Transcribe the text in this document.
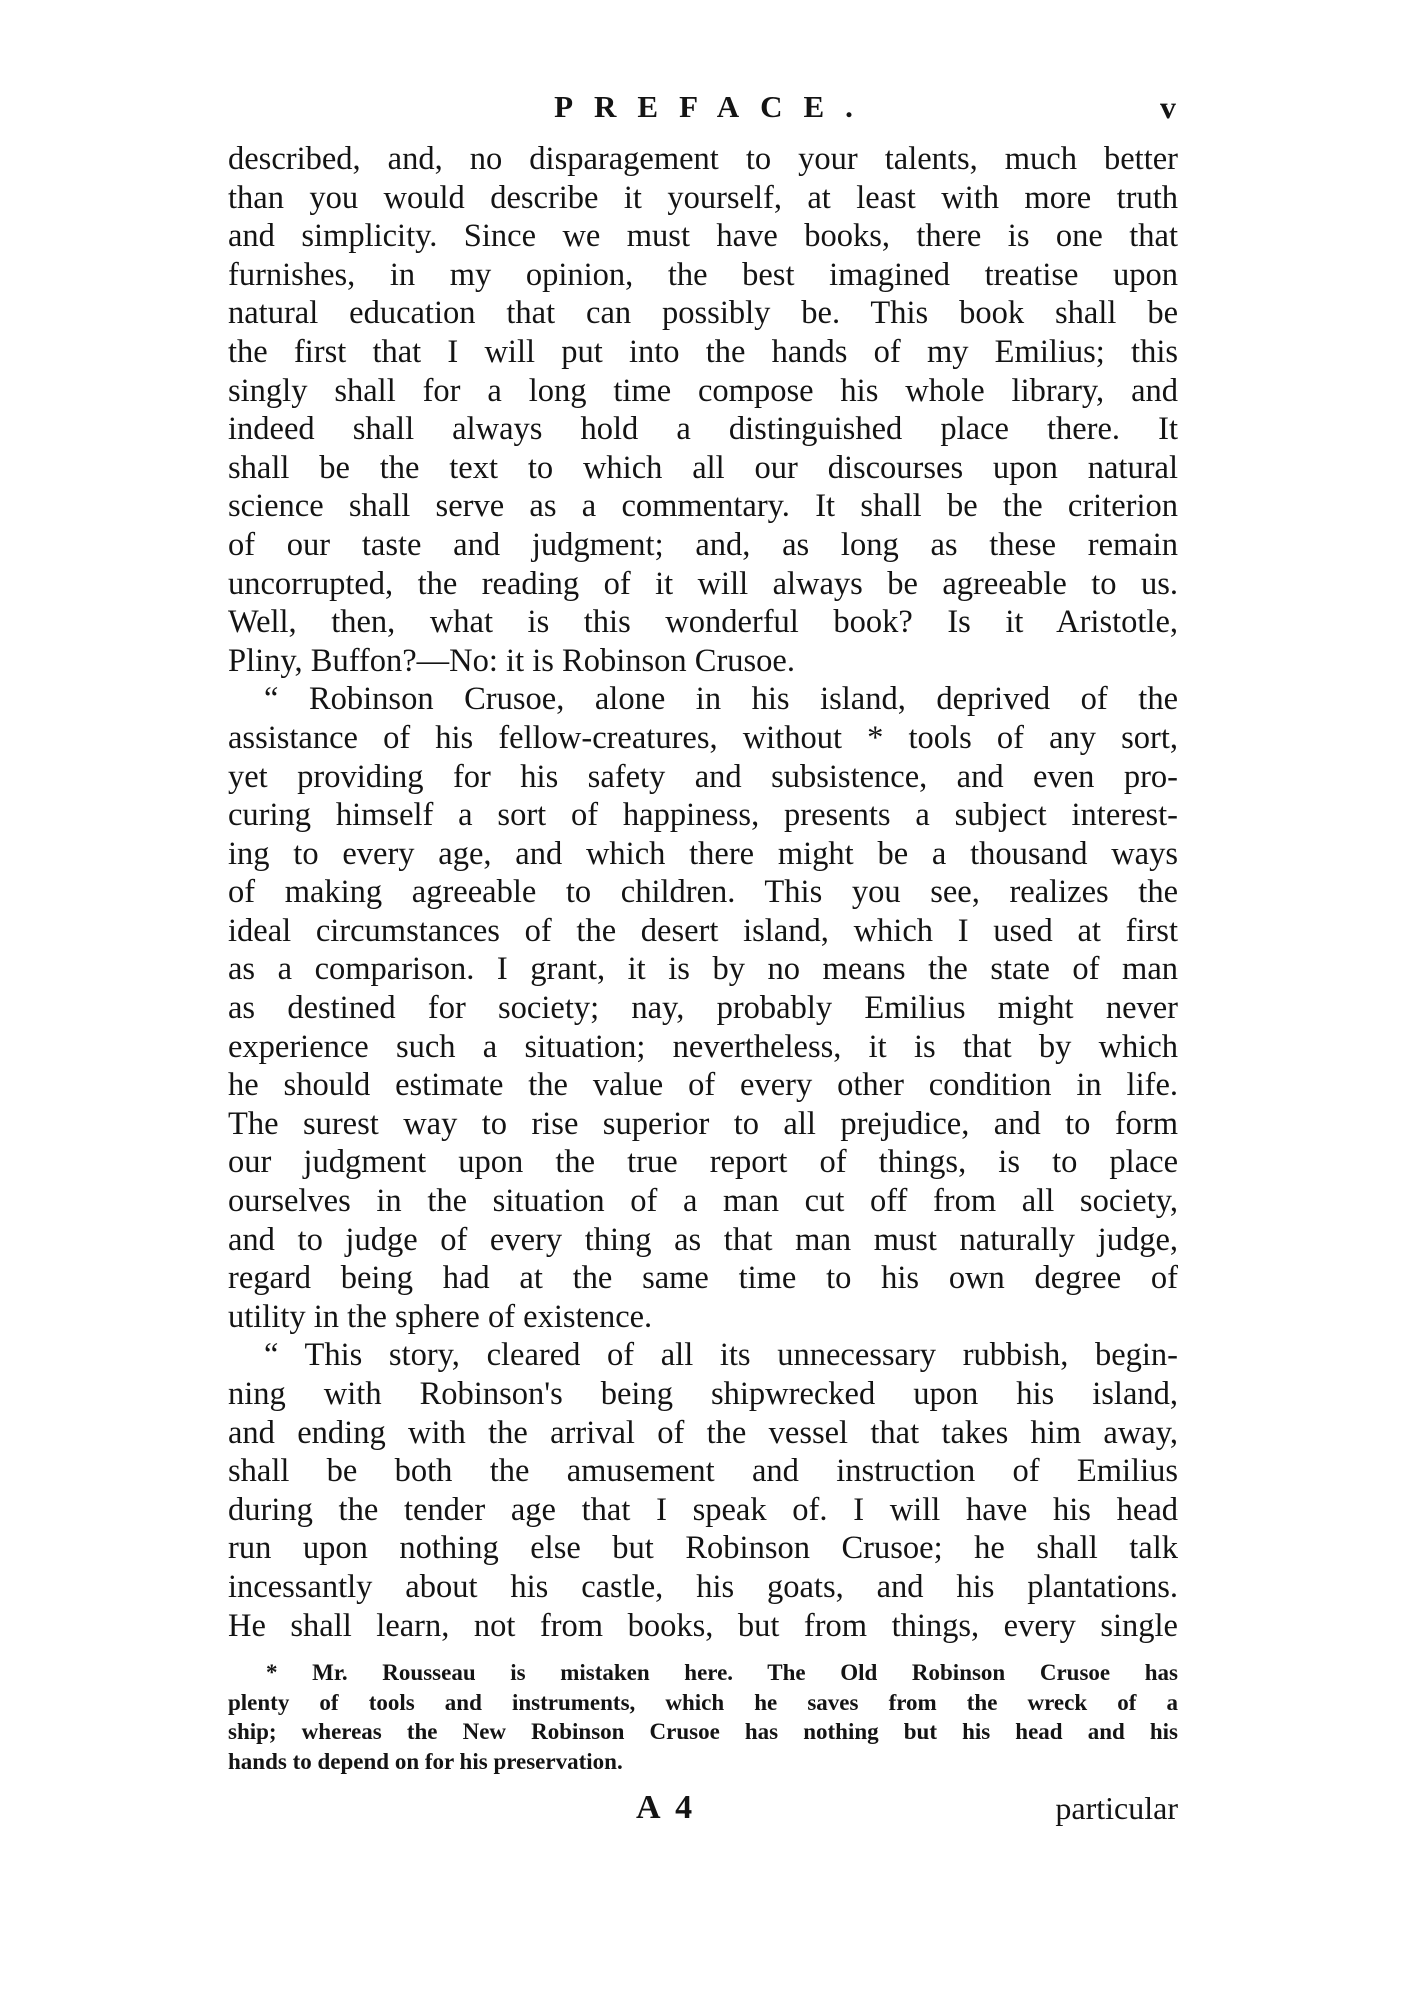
PREFACE.	v
described, and, no disparagement to your talents, much better
than you would describe it yourself, at least with more truth
and simplicity. Since we must have books, there is one that
furnishes, in my opinion, the best imagined treatise upon
natural education that can possibly be. This book shall be
the first that I will put into the hands of my Emilius; this
singly shall for a long time compose his whole library, and
indeed shall always hold a distinguished place there. It
shall be the text to which all our discourses upon natural
science shall serve as a commentary. It shall be the criterion
of our taste and judgment; and, as long as these remain
uncorrupted, the reading of it will always be agreeable to us.
Well, then, what is this wonderful book? Is it Aristotle,
Pliny, Buffon?—No: it is Robinson Crusoe.
“ Robinson Crusoe, alone in his island, deprived of the
assistance of his fellow-creatures, without * tools of any sort,
yet providing for his safety and subsistence, and even pro-
curing himself a sort of happiness, presents a subject interest-
ing to every age, and which there might be a thousand ways
of making agreeable to children. This you see, realizes the
ideal circumstances of the desert island, which I used at first
as a comparison. I grant, it is by no means the state of man
as destined for society; nay, probably Emilius might never
experience such a situation; nevertheless, it is that by which
he should estimate the value of every other condition in life.
The surest way to rise superior to all prejudice, and to form
our judgment upon the true report of things, is to place
ourselves in the situation of a man cut off from all society,
and to judge of every thing as that man must naturally judge,
regard being had at the same time to his own degree of
utility in the sphere of existence.
“ This story, cleared of all its unnecessary rubbish, begin-
ning with Robinson's being shipwrecked upon his island,
and ending with the arrival of the vessel that takes him away,
shall be both the amusement and instruction of Emilius
during the tender age that I speak of. I will have his head
run upon nothing else but Robinson Crusoe; he shall talk
incessantly about his castle, his goats, and his plantations.
He shall learn, not from books, but from things, every single
* Mr. Rousseau is mistaken here. The Old Robinson Crusoe has
plenty of tools and instruments, which he saves from the wreck of a
ship; whereas the New Robinson Crusoe has nothing but his head and his
hands to depend on for his preservation.
A 4	particular
